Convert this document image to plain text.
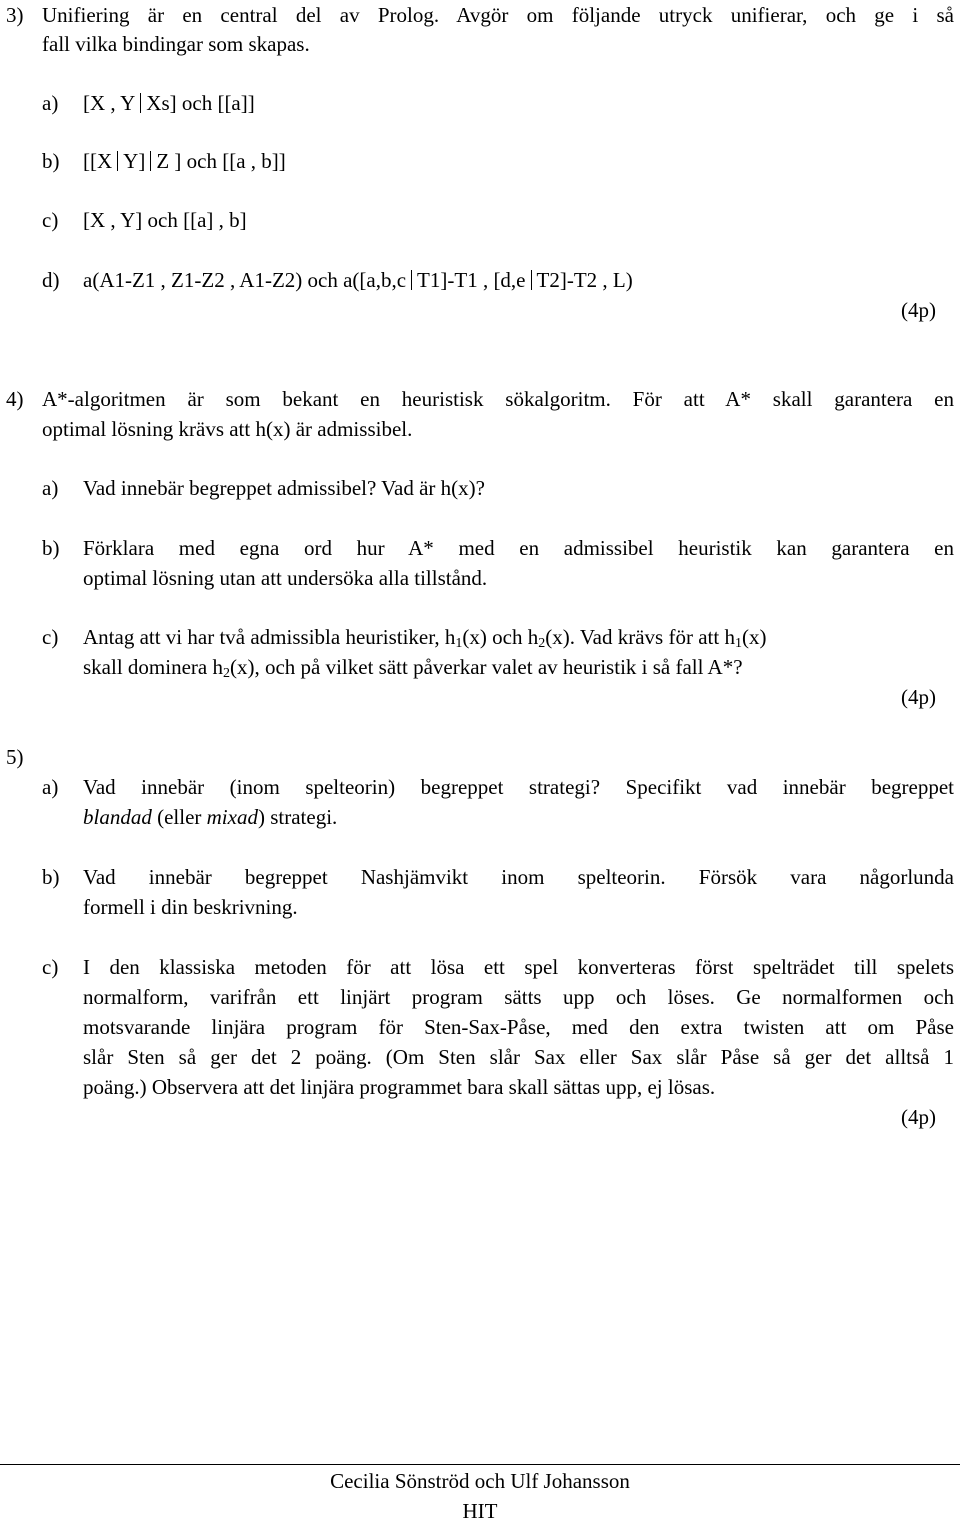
3) Unifiering är en central del av Prolog. Avgör om följande utryck unifierar, och ge i så
fall vilka bindingar som skapas.
a) [X , Y Xs] och [[a]]
b) [[X Y] Z ] och [[a , b]]
c) [X , Y] och [[a] , b]
d) a(A1-Z1 , Z1-Z2 , A1-Z2) och a([a,b,c T1]-T1 , [d,e T2]-T2 , L)
(4p)
4) A*-algoritmen är som bekant en heuristisk sökalgoritm. För att A* skall garantera en
optimal lösning krävs att h(x) är admissibel.
a) Vad innebär begreppet admissibel? Vad är h(x)?
b) Förklara med egna ord hur A* med en admissibel heuristik kan garantera en
optimal lösning utan att undersöka alla tillstånd.
c) Antag att vi har två admissibla heuristiker, $h_1(x)$ och $h_2(x)$. Vad krävs för att $h_1(x)$
skall dominera $h_2(x)$, och på vilket sätt påverkar valet av heuristik i så fall A*?
(4p)
5)
a) Vad innebär (inom spelteorin) begreppet strategi? Specifikt vad innebär begreppet
blandad (eller mixad) strategi.
b) Vad innebär begreppet Nashjämvikt inom spelteorin. Försök vara någorlunda
formell i din beskrivning.
c) I den klassiska metoden för att lösa ett spel konverteras först spelträdet till spelets
normalform, varifrån ett linjärt program sätts upp och löses. Ge normalformen och
motsvarande linjära program för Sten-Sax-Påse, med den extra twisten att om Påse
slår Sten så ger det 2 poäng. (Om Sten slår Sax eller Sax slår Påse så ger det alltså 1
poäng.) Observera att det linjära programmet bara skall sättas upp, ej lösas.
(4p)
Cecilia Sönströd och Ulf Johansson
HIT
